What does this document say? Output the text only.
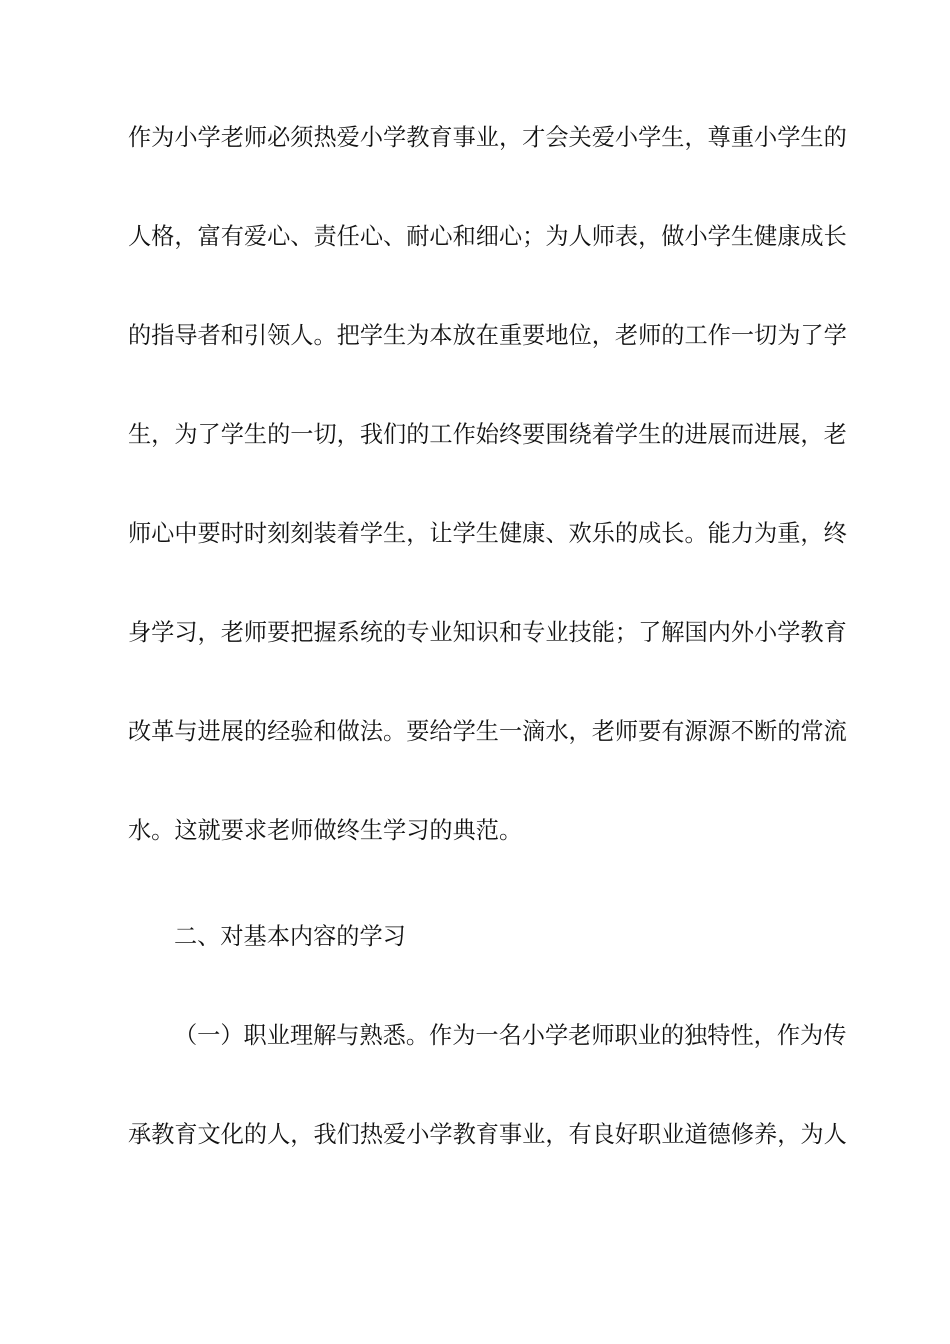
作为小学老师必须热爱小学教育事业，才会关爱小学生，尊重小学生的
人格，富有爱心、责任心、耐心和细心；为人师表，做小学生健康成长
的指导者和引领人。把学生为本放在重要地位，老师的工作一切为了学
生，为了学生的一切，我们的工作始终要围绕着学生的进展而进展，老
师心中要时时刻刻装着学生，让学生健康、欢乐的成长。能力为重，终
身学习，老师要把握系统的专业知识和专业技能；了解国内外小学教育
改革与进展的经验和做法。要给学生一滴水，老师要有源源不断的常流
水。这就要求老师做终生学习的典范。
二、对基本内容的学习
（一）职业理解与熟悉。作为一名小学老师职业的独特性，作为传
承教育文化的人，我们热爱小学教育事业，有良好职业道德修养，为人
